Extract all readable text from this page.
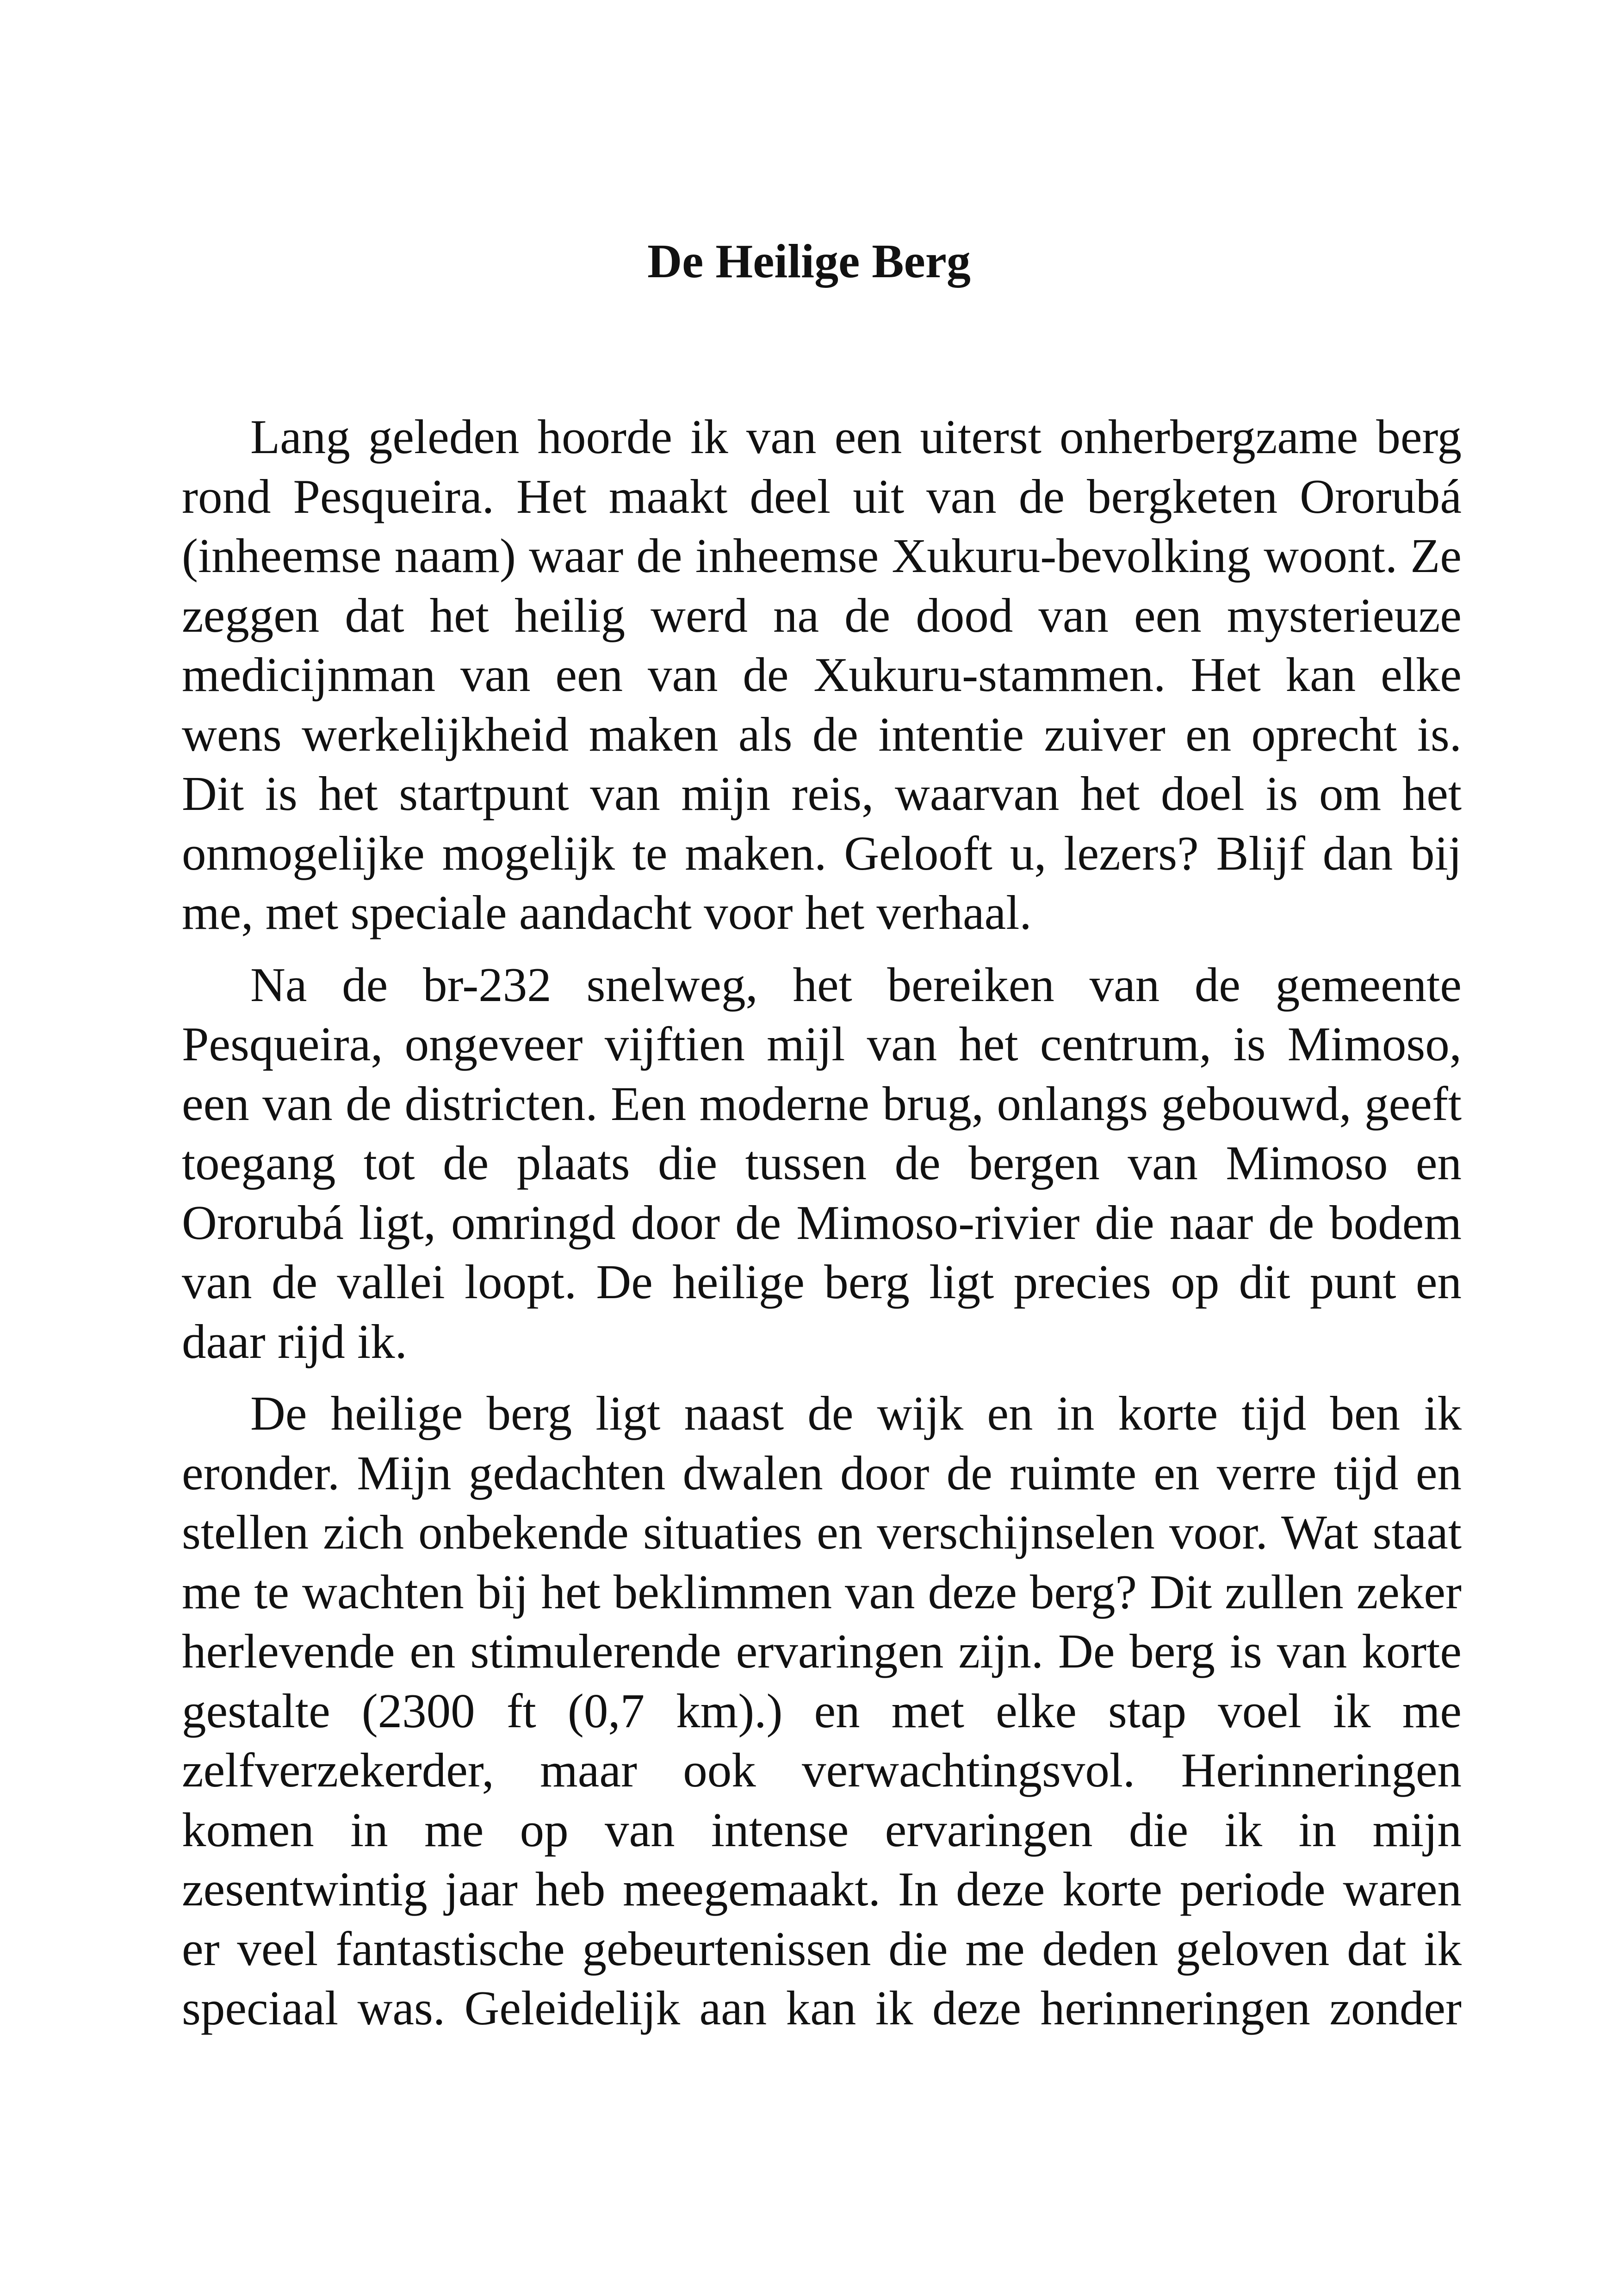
De Heilige Berg

Lang geleden hoorde ik van een uiterst onherbergzame berg rond Pesqueira. Het maakt deel uit van de bergketen Ororubá (inheemse naam) waar de inheemse Xukuru-bevolking woont. Ze zeggen dat het heilig werd na de dood van een mysterieuze medicijnman van een van de Xukuru-stammen. Het kan elke wens werkelijkheid maken als de intentie zuiver en oprecht is. Dit is het startpunt van mijn reis, waarvan het doel is om het onmogelijke mogelijk te maken. Gelooft u, lezers? Blijf dan bij me, met speciale aandacht voor het verhaal.

Na de br-232 snelweg, het bereiken van de gemeente Pesqueira, ongeveer vijftien mijl van het centrum, is Mimoso, een van de districten. Een moderne brug, onlangs gebouwd, geeft toegang tot de plaats die tussen de bergen van Mimoso en Ororubá ligt, omringd door de Mimoso-rivier die naar de bodem van de vallei loopt. De heilige berg ligt precies op dit punt en daar rijd ik.

De heilige berg ligt naast de wijk en in korte tijd ben ik eronder. Mijn gedachten dwalen door de ruimte en verre tijd en stellen zich onbekende situaties en verschijnselen voor. Wat staat me te wachten bij het beklimmen van deze berg? Dit zullen zeker herlevende en stimulerende ervaringen zijn. De berg is van korte gestalte (2300 ft (0,7 km).) en met elke stap voel ik me zelfverzekerder, maar ook verwachtingsvol. Herinneringen komen in me op van intense ervaringen die ik in mijn zesentwintig jaar heb meegemaakt. In deze korte periode waren er veel fantastische gebeurtenissen die me deden geloven dat ik speciaal was. Geleidelijk aan kan ik deze herinneringen zonder
